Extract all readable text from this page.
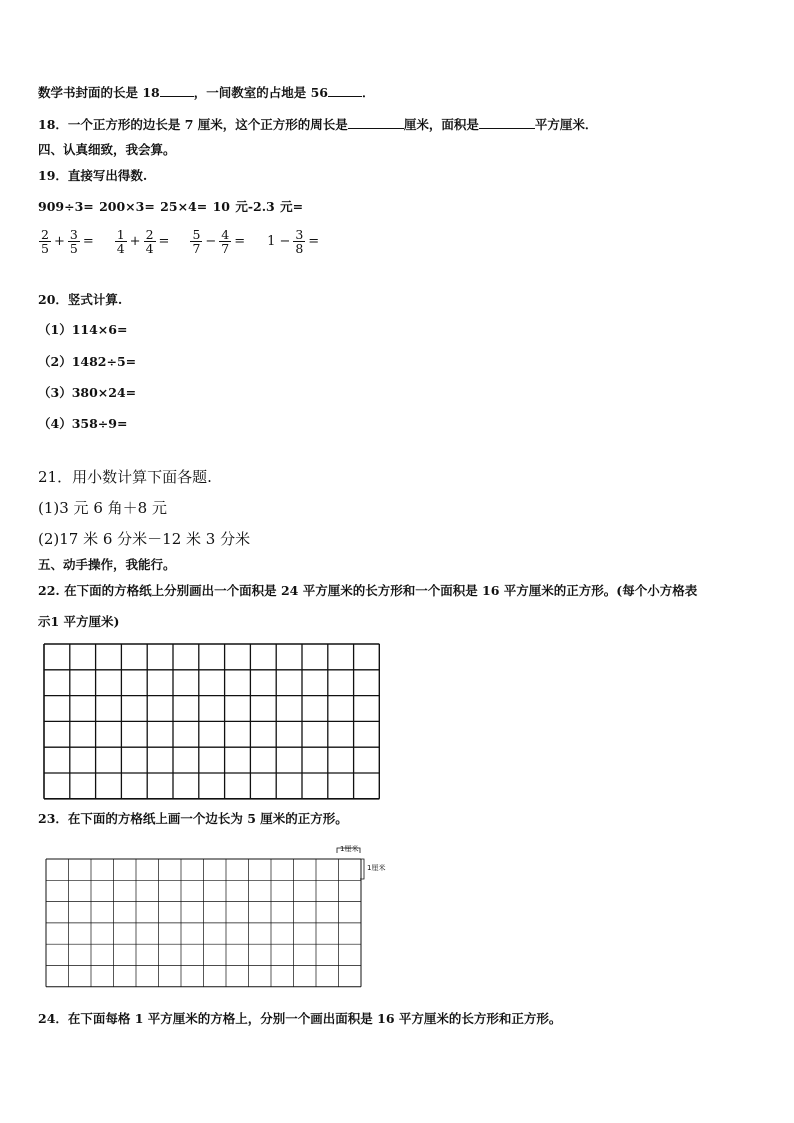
数学书封面的长是 18	，一间教室的占地是 56	．
18．一个正方形的边长是 7 厘米，这个正方形的周长是	厘米，面积是	平方厘米．
四、认真细致，我会算。
19．直接写出得数.
909÷3= 200×3= 25×4= 10 元-2.3 元=
$\frac{2}{5} + \frac{3}{5} = \frac{1}{4} + \frac{2}{4} = \frac{5}{7} - \frac{4}{7} = 1 - \frac{3}{8}$ =
20．竖式计算.
（1）114×6=
（2）1482÷5=
（3）380×24=
（4）358÷9=
21．用小数计算下面各题.
(1)3 元 6 角＋8 元
(2)17 米 6 分米－12 米 3 分米
五、动手操作，我能行。
22. 在下面的方格纸上分别画出一个面积是 24 平方厘米的长方形和一个面积是 16 平方厘米的正方形。(每个小方格表
示1 平方厘米)
23．在下面的方格纸上画一个边长为 5 厘米的正方形。
1厘米
1厘米
24．在下面每格 1 平方厘米的方格上，分别一个画出面积是 16 平方厘米的长方形和正方形。
